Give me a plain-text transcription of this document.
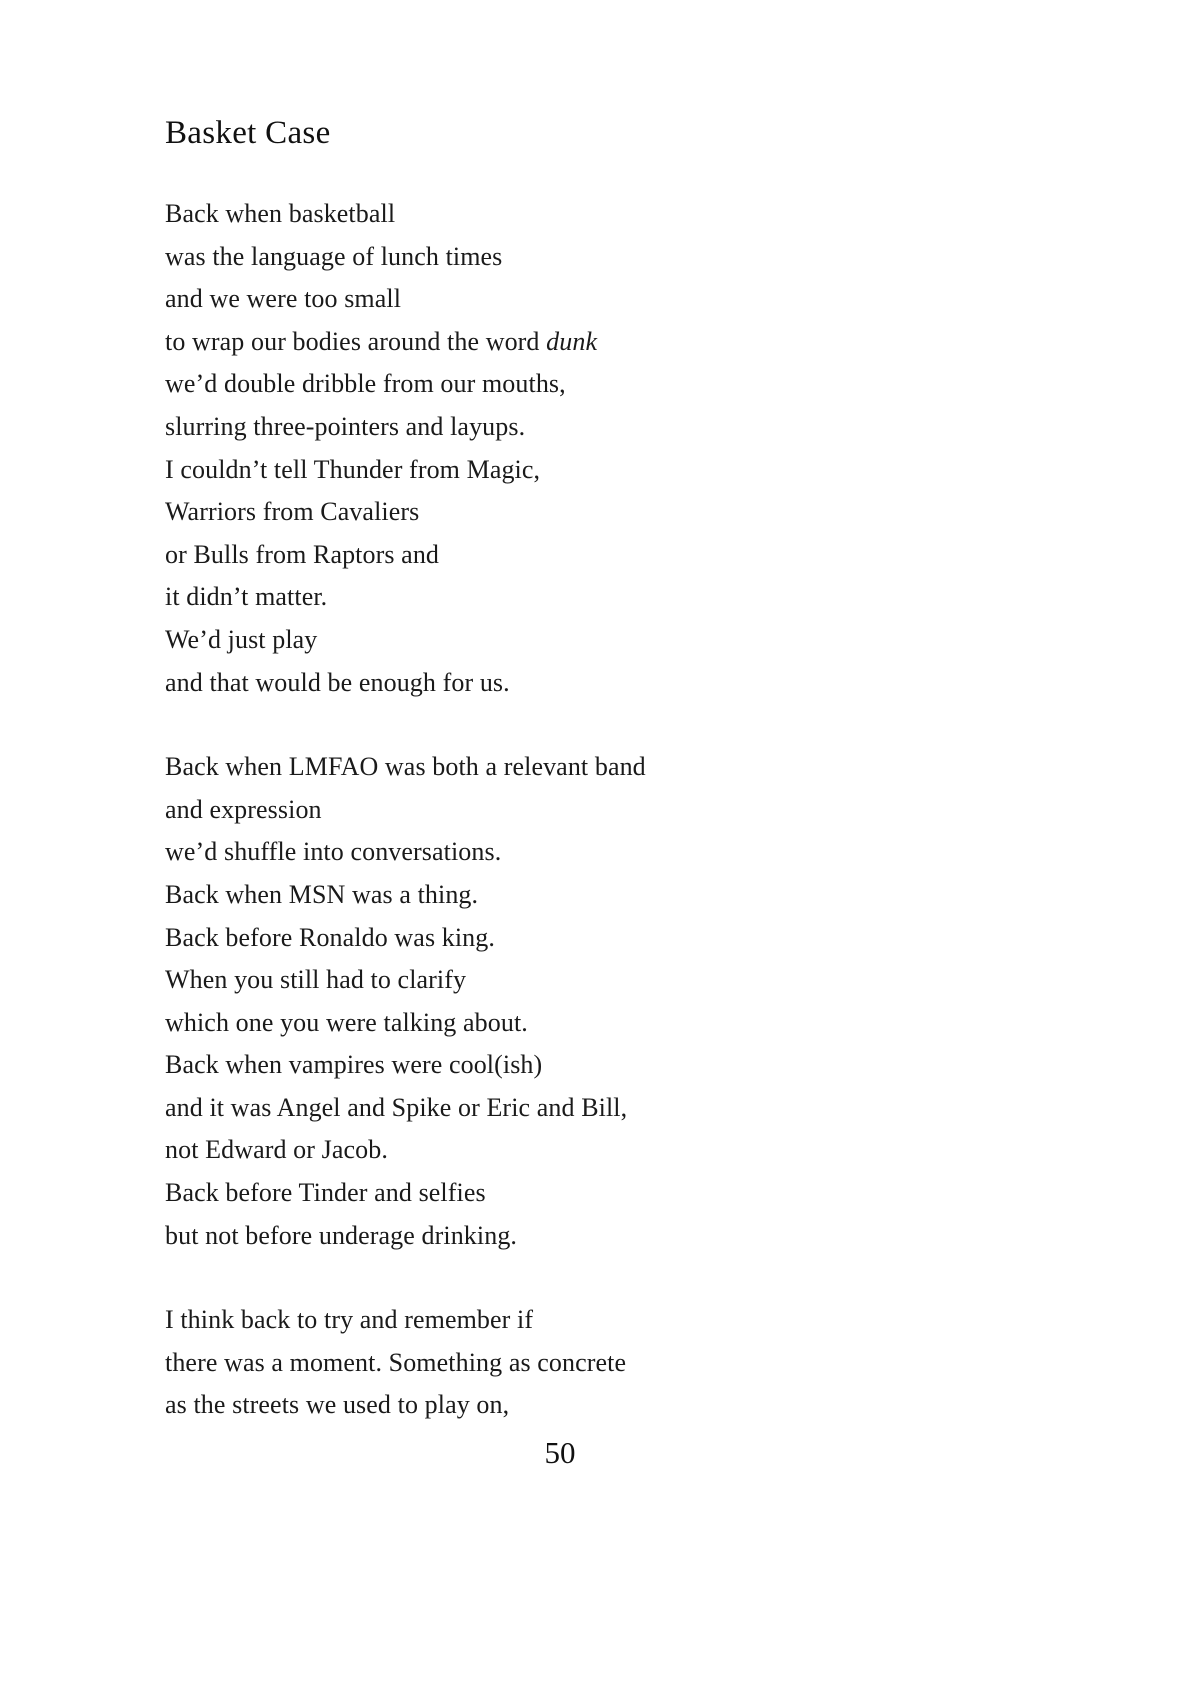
Basket Case
Back when basketball
was the language of lunch times
and we were too small
to wrap our bodies around the word dunk
we’d double dribble from our mouths,
slurring three-pointers and layups.
I couldn’t tell Thunder from Magic,
Warriors from Cavaliers
or Bulls from Raptors and
it didn’t matter.
We’d just play
and that would be enough for us.
Back when LMFAO was both a relevant band
and expression
we’d shuffle into conversations.
Back when MSN was a thing.
Back before Ronaldo was king.
When you still had to clarify
which one you were talking about.
Back when vampires were cool(ish)
and it was Angel and Spike or Eric and Bill,
not Edward or Jacob.
Back before Tinder and selfies
but not before underage drinking.
I think back to try and remember if
there was a moment. Something as concrete
as the streets we used to play on,
50
